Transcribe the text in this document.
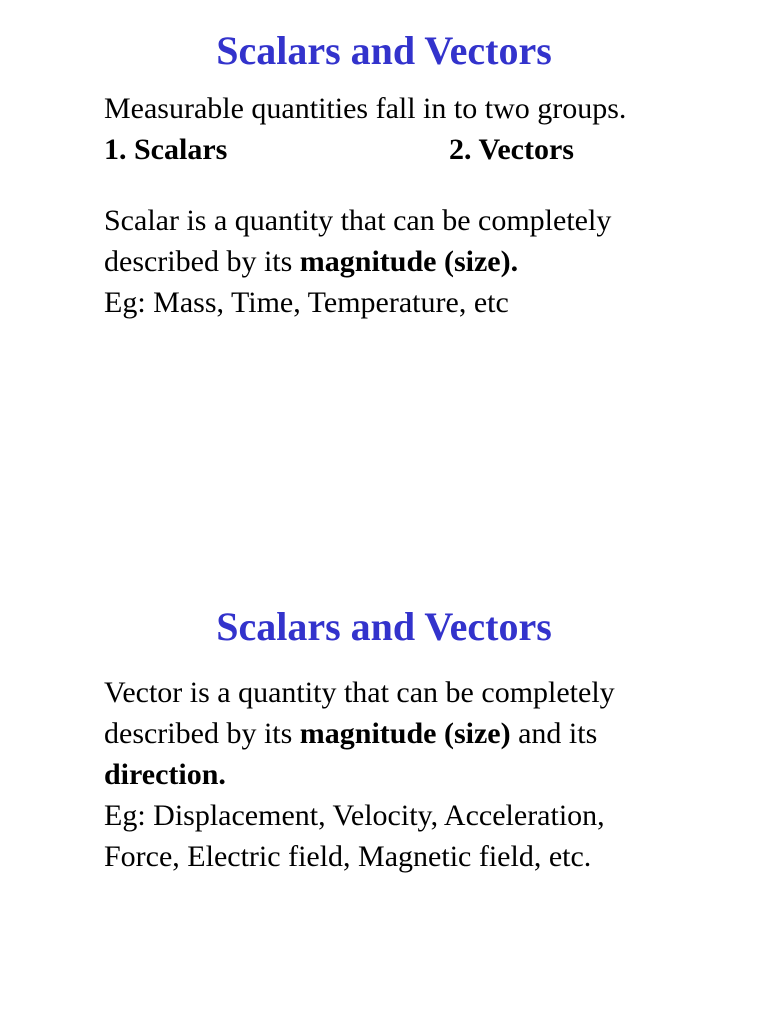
Scalars and Vectors
Measurable quantities fall in to two groups.
1. Scalars	2. Vectors
Scalar is a quantity that can be completely
described by its magnitude (size).
Eg: Mass, Time, Temperature, etc
Scalars and Vectors
Vector is a quantity that can be completely
described by its magnitude (size) and its
direction.
Eg: Displacement, Velocity, Acceleration,
Force, Electric field, Magnetic field, etc.
